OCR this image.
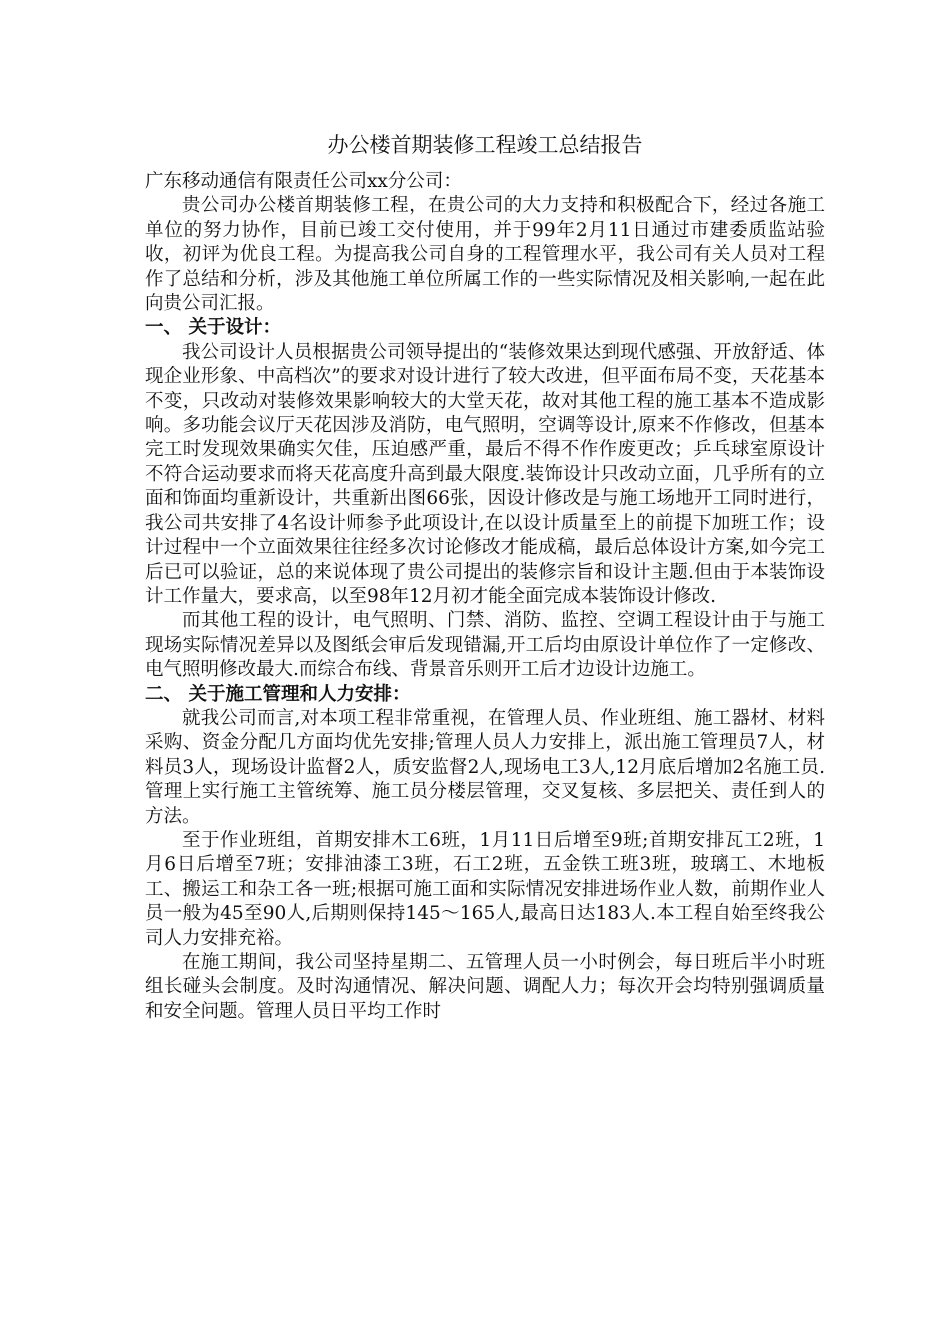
办公楼首期装修工程竣工总结报告

广东移动通信有限责任公司xx分公司：

贵公司办公楼首期装修工程，在贵公司的大力支持和积极配合下，经过各施工单位的努力协作，目前已竣工交付使用，并于99年2月11日通过市建委质监站验收，初评为优良工程。为提高我公司自身的工程管理水平，我公司有关人员对工程作了总结和分析，涉及其他施工单位所属工作的一些实际情况及相关影响,一起在此向贵公司汇报。

一、 关于设计：

我公司设计人员根据贵公司领导提出的“装修效果达到现代感强、开放舒适、体现企业形象、中高档次”的要求对设计进行了较大改进，但平面布局不变，天花基本不变，只改动对装修效果影响较大的大堂天花，故对其他工程的施工基本不造成影响。多功能会议厅天花因涉及消防，电气照明，空调等设计,原来不作修改，但基本完工时发现效果确实欠佳，压迫感严重，最后不得不作作废更改；乒乓球室原设计不符合运动要求而将天花高度升高到最大限度.装饰设计只改动立面，几乎所有的立面和饰面均重新设计，共重新出图66张，因设计修改是与施工场地开工同时进行，我公司共安排了4名设计师参予此项设计,在以设计质量至上的前提下加班工作；设计过程中一个立面效果往往经多次讨论修改才能成稿，最后总体设计方案,如今完工后已可以验证，总的来说体现了贵公司提出的装修宗旨和设计主题.但由于本装饰设计工作量大，要求高，以至98年12月初才能全面完成本装饰设计修改.

而其他工程的设计，电气照明、门禁、消防、监控、空调工程设计由于与施工现场实际情况差异以及图纸会审后发现错漏,开工后均由原设计单位作了一定修改、电气照明修改最大.而综合布线、背景音乐则开工后才边设计边施工。

二、 关于施工管理和人力安排：

就我公司而言,对本项工程非常重视，在管理人员、作业班组、施工器材、材料采购、资金分配几方面均优先安排;管理人员人力安排上，派出施工管理员7人，材料员3人，现场设计监督2人，质安监督2人,现场电工3人,12月底后增加2名施工员.管理上实行施工主管统筹、施工员分楼层管理，交叉复核、多层把关、责任到人的方法。

至于作业班组，首期安排木工6班，1月11日后增至9班;首期安排瓦工2班，1月6日后增至7班；安排油漆工3班，石工2班，五金铁工班3班，玻璃工、木地板工、搬运工和杂工各一班;根据可施工面和实际情况安排进场作业人数，前期作业人员一般为45至90人,后期则保持145～165人,最高日达183人.本工程自始至终我公司人力安排充裕。

在施工期间，我公司坚持星期二、五管理人员一小时例会，每日班后半小时班组长碰头会制度。及时沟通情况、解决问题、调配人力；每次开会均特别强调质量和安全问题。管理人员日平均工作时
